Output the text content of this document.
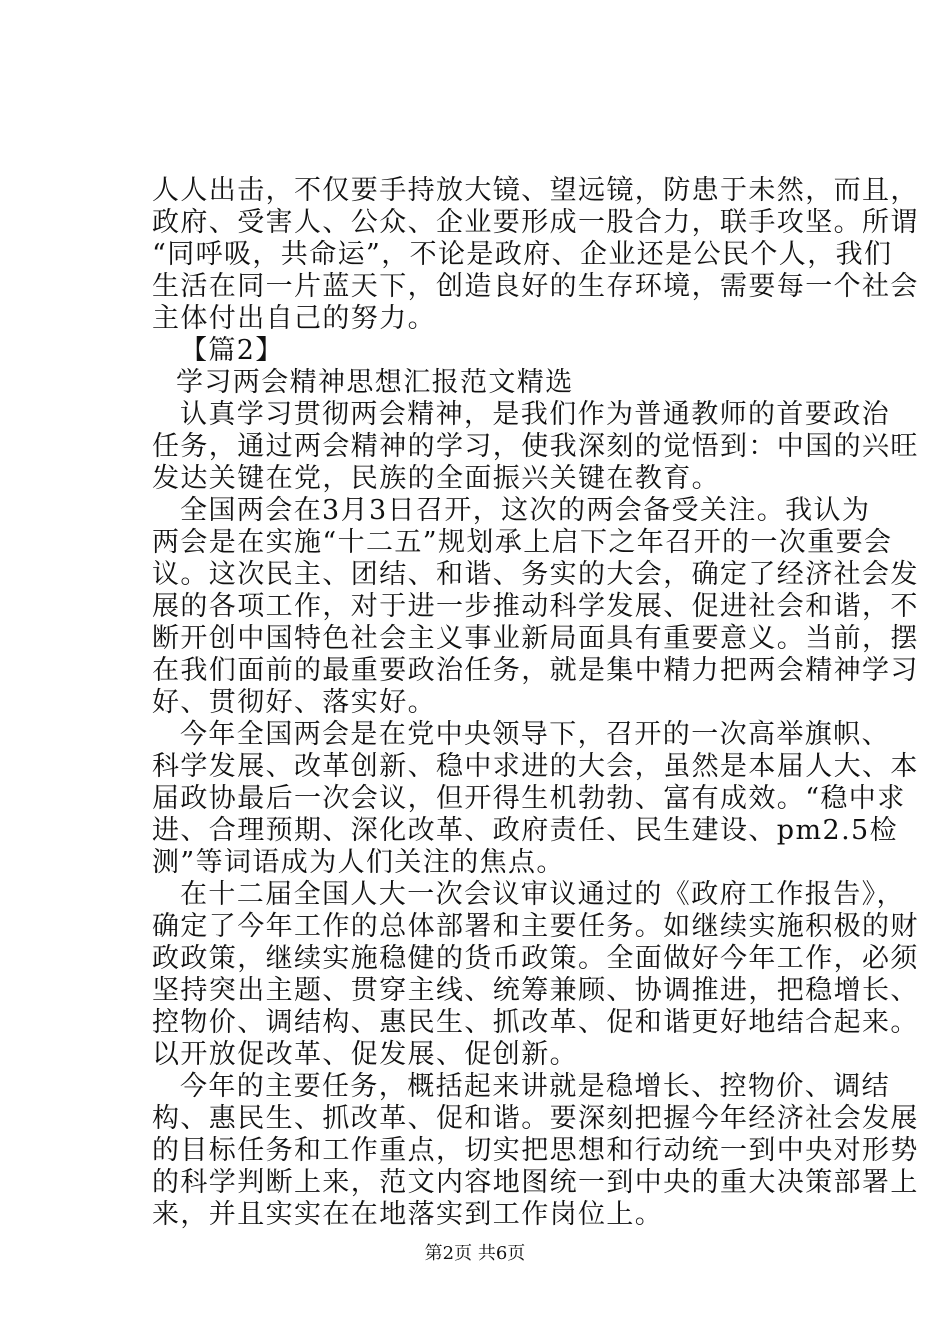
人人出击，不仅要手持放大镜、望远镜，防患于未然，而且，
政府、受害人、公众、企业要形成一股合力，联手攻坚。所谓
“同呼吸，共命运”，不论是政府、企业还是公民个人，我们
生活在同一片蓝天下，创造良好的生存环境，需要每一个社会
主体付出自己的努力。
【篇2】
学习两会精神思想汇报范文精选
认真学习贯彻两会精神，是我们作为普通教师的首要政治
任务，通过两会精神的学习，使我深刻的觉悟到：中国的兴旺
发达关键在党，民族的全面振兴关键在教育。
全国两会在3月3日召开，这次的两会备受关注。我认为
两会是在实施“十二五”规划承上启下之年召开的一次重要会
议。这次民主、团结、和谐、务实的大会，确定了经济社会发
展的各项工作，对于进一步推动科学发展、促进社会和谐，不
断开创中国特色社会主义事业新局面具有重要意义。当前，摆
在我们面前的最重要政治任务，就是集中精力把两会精神学习
好、贯彻好、落实好。
今年全国两会是在党中央领导下，召开的一次高举旗帜、
科学发展、改革创新、稳中求进的大会，虽然是本届人大、本
届政协最后一次会议，但开得生机勃勃、富有成效。“稳中求
进、合理预期、深化改革、政府责任、民生建设、pm2.5检
测”等词语成为人们关注的焦点。
在十二届全国人大一次会议审议通过的《政府工作报告》，
确定了今年工作的总体部署和主要任务。如继续实施积极的财
政政策，继续实施稳健的货币政策。全面做好今年工作，必须
坚持突出主题、贯穿主线、统筹兼顾、协调推进，把稳增长、
控物价、调结构、惠民生、抓改革、促和谐更好地结合起来。
以开放促改革、促发展、促创新。
今年的主要任务，概括起来讲就是稳增长、控物价、调结
构、惠民生、抓改革、促和谐。要深刻把握今年经济社会发展
的目标任务和工作重点，切实把思想和行动统一到中央对形势
的科学判断上来，范文内容地图统一到中央的重大决策部署上
来，并且实实在在地落实到工作岗位上。
第2页 共6页
